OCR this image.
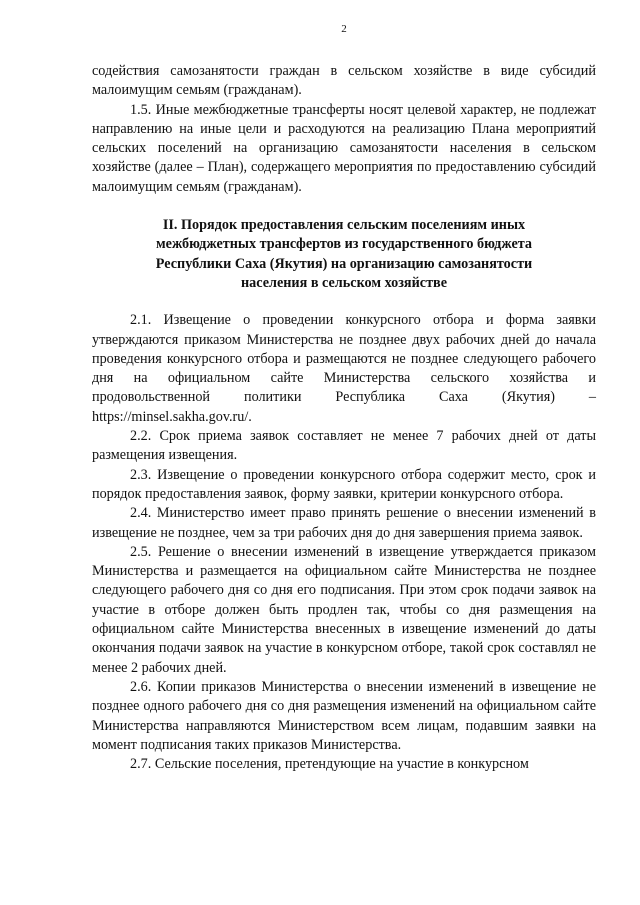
2

содействия самозанятости граждан в сельском хозяйстве в виде субсидий малоимущим семьям (гражданам).

1.5. Иные межбюджетные трансферты носят целевой характер, не подлежат направлению на иные цели и расходуются на реализацию Плана мероприятий сельских поселений на организацию самозанятости населения в сельском хозяйстве (далее – План), содержащего мероприятия по предоставлению субсидий малоимущим семьям (гражданам).

II. Порядок предоставления сельским поселениям иных межбюджетных трансфертов из государственного бюджета Республики Саха (Якутия) на организацию самозанятости населения в сельском хозяйстве

2.1. Извещение о проведении конкурсного отбора и форма заявки утверждаются приказом Министерства не позднее двух рабочих дней до начала проведения конкурсного отбора и размещаются не позднее следующего рабочего дня на официальном сайте Министерства сельского хозяйства и продовольственной политики Республика Саха (Якутия) – https://minsel.sakha.gov.ru/.

2.2. Срок приема заявок составляет не менее 7 рабочих дней от даты размещения извещения.

2.3. Извещение о проведении конкурсного отбора содержит место, срок и порядок предоставления заявок, форму заявки, критерии конкурсного отбора.

2.4. Министерство имеет право принять решение о внесении изменений в извещение не позднее, чем за три рабочих дня до дня завершения приема заявок.

2.5. Решение о внесении изменений в извещение утверждается приказом Министерства и размещается на официальном сайте Министерства не позднее следующего рабочего дня со дня его подписания. При этом срок подачи заявок на участие в отборе должен быть продлен так, чтобы со дня размещения на официальном сайте Министерства внесенных в извещение изменений до даты окончания подачи заявок на участие в конкурсном отборе, такой срок составлял не менее 2 рабочих дней.

2.6. Копии приказов Министерства о внесении изменений в извещение не позднее одного рабочего дня со дня размещения изменений на официальном сайте Министерства направляются Министерством всем лицам, подавшим заявки на момент подписания таких приказов Министерства.

2.7. Сельские поселения, претендующие на участие в конкурсном
